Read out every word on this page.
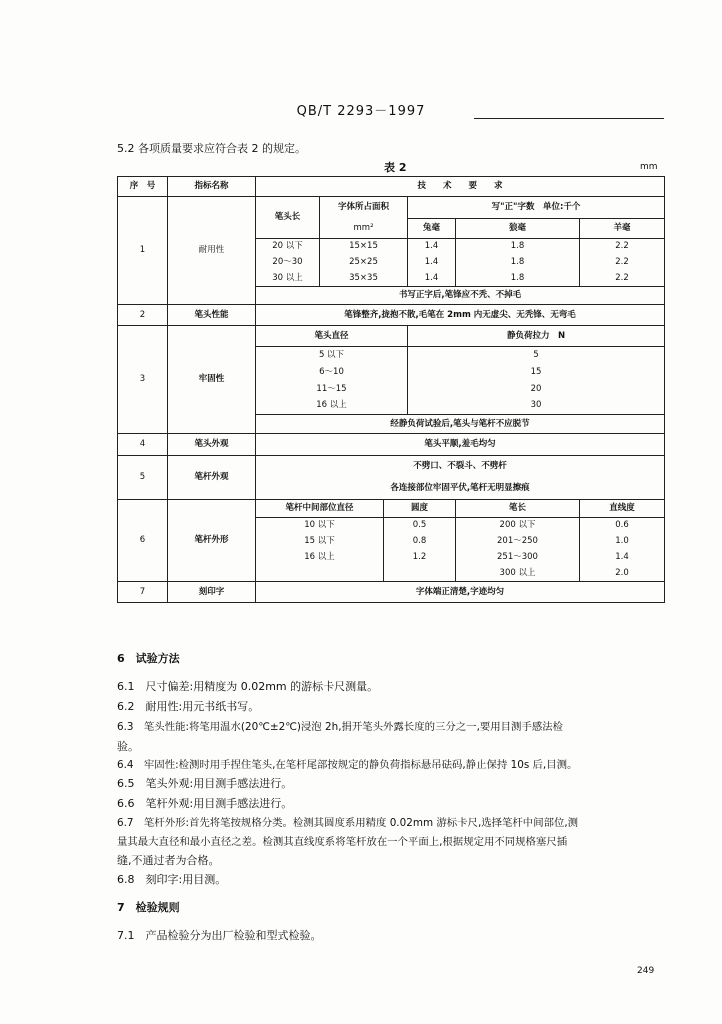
QB/T 2293－1997
5.2 各项质量要求应符合表 2 的规定。
表 2	mm
序　号	指标名称	技　　术　　要　　求					
1	耐用性	笔头长	字体所占面积		写"正"字数　单位:千个		
			mm²		兔毫	狼毫	羊毫
		20 以下	15×15		1.4	1.8	2.2
		20～30	25×25		1.4	1.8	2.2
		30 以上	35×35		1.4	1.8	2.2
		书写正字后,笔锋应不秃、不掉毛					
2	笔头性能	笔锋整齐,拢抱不散,毛笔在 2mm 内无虚尖、无秃锋、无弯毛					
3	牢固性	笔头直径			静负荷拉力　N		
		5 以下			5		
		6～10			15		
		11～15			20		
		16 以上			30		
		经静负荷试验后,笔头与笔杆不应脱节					
4	笔头外观	笔头平顺,羞毛均匀					
5	笔杆外观	不劈口、不裂斗、不劈杆					
		各连接部位牢固平伏,笔杆无明显擦痕					
6	笔杆外形	笔杆中间部位直径		圆度		笔长	直线度
		10 以下		0.5		200 以下	0.6
		15 以下		0.8		201～250	1.0
		16 以上		1.2		251～300	1.4
						300 以上	2.0
7	刻印字	字体端正清楚,字迹均匀					
6　试验方法
6.1　尺寸偏差:用精度为 0.02mm 的游标卡尺测量。
6.2　耐用性:用元书纸书写。
6.3　笔头性能:将笔用温水(20℃±2℃)浸泡 2h,捐开笔头外露长度的三分之一,要用目测手感法检
验。
6.4　牢固性:检测时用手捏住笔头,在笔杆尾部按规定的静负荷指标悬吊砝码,静止保持 10s 后,目测。
6.5　笔头外观:用目测手感法进行。
6.6　笔杆外观:用目测手感法进行。
6.7　笔杆外形:首先将笔按规格分类。检测其圆度系用精度 0.02mm 游标卡尺,选择笔杆中间部位,测
量其最大直径和最小直径之差。检测其直线度系将笔杆放在一个平面上,根据规定用不同规格塞尺插
缝,不通过者为合格。
6.8　刻印字:用目测。
7　检验规则
7.1　产品检验分为出厂检验和型式检验。
249
